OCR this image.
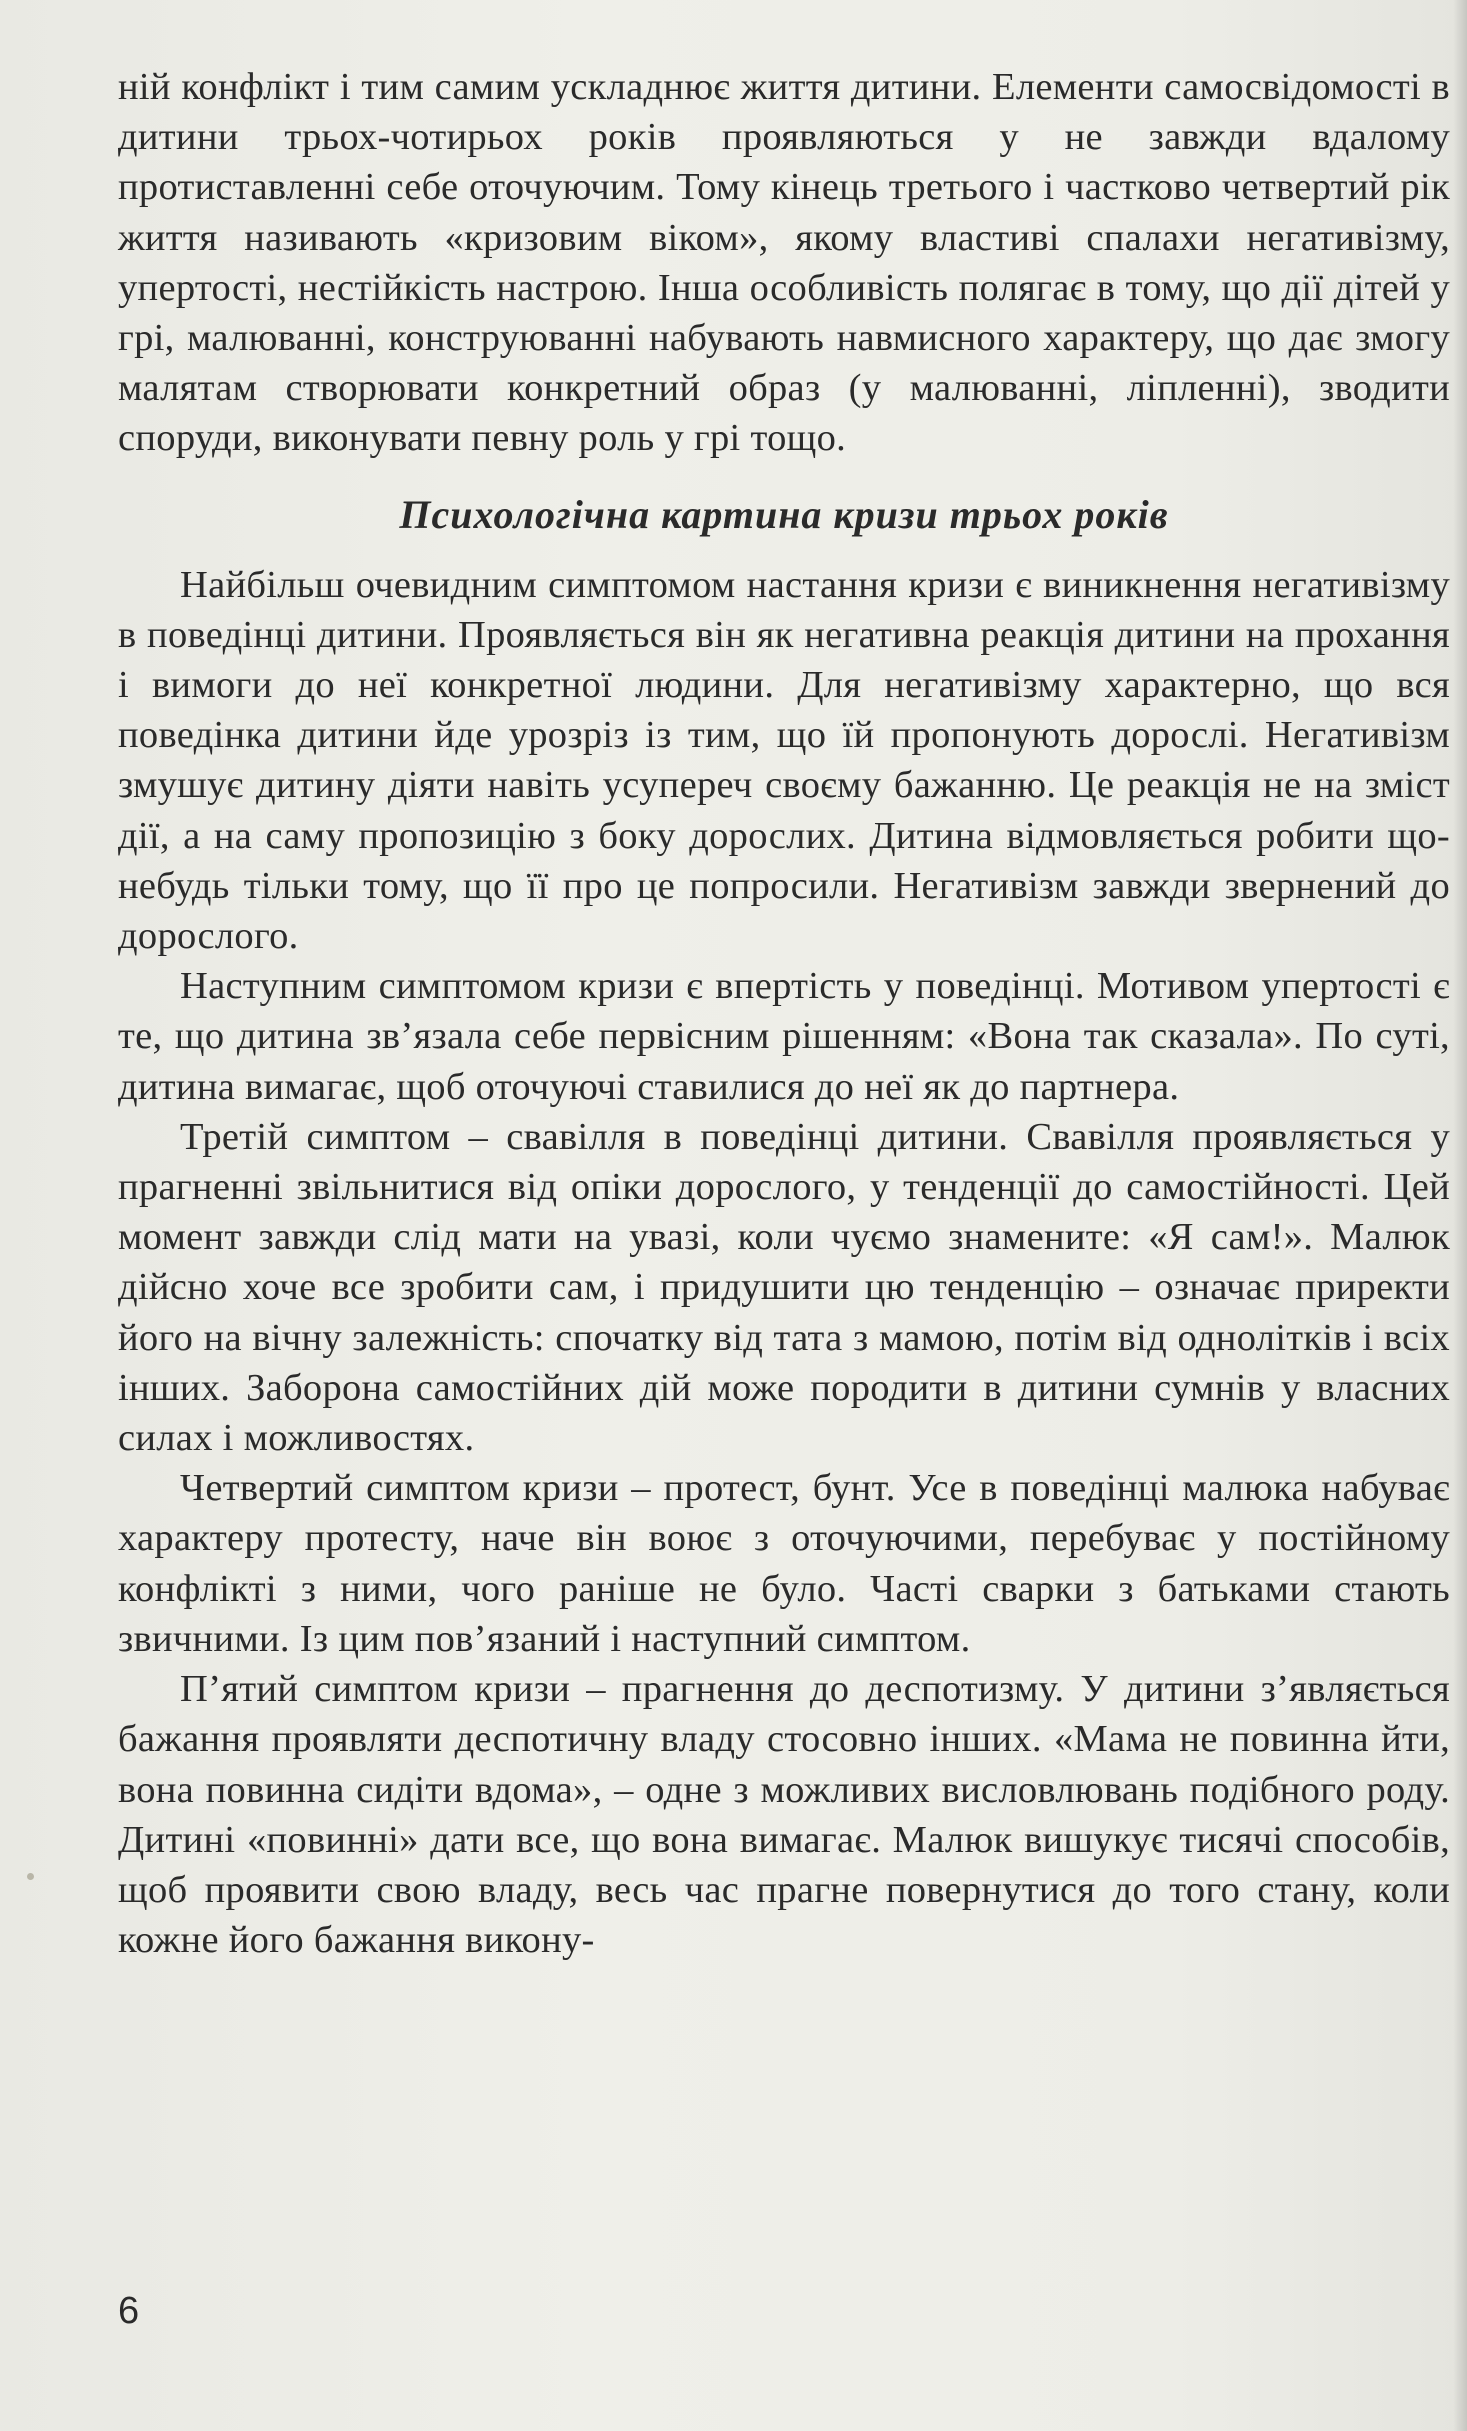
ній конфлікт і тим самим ускладнює життя дитини. Елементи самосвідомості в дитини трьох-чотирьох років проявляються у не завжди вдалому протиставленні себе оточуючим. Тому кінець третього і частково четвертий рік життя називають «кризовим віком», якому властиві спалахи негативізму, упертості, нестійкість настрою. Інша особливість полягає в тому, що дії дітей у грі, малюванні, конструюванні набувають навмисного характеру, що дає змогу малятам створювати конкретний образ (у малюванні, ліпленні), зводити споруди, виконувати певну роль у грі тощо.

Психологічна картина кризи трьох років

Найбільш очевидним симптомом настання кризи є виникнення негативізму в поведінці дитини. Проявляється він як негативна реакція дитини на прохання і вимоги до неї конкретної людини. Для негативізму характерно, що вся поведінка дитини йде урозріз із тим, що їй пропонують дорослі. Негативізм змушує дитину діяти навіть усупереч своєму бажанню. Це реакція не на зміст дії, а на саму пропозицію з боку дорослих. Дитина відмовляється робити що-небудь тільки тому, що її про це попросили. Негативізм завжди звернений до дорослого.

Наступним симптомом кризи є впертість у поведінці. Мотивом упертості є те, що дитина зв’язала себе первісним рішенням: «Вона так сказала». По суті, дитина вимагає, щоб оточуючі ставилися до неї як до партнера.

Третій симптом – свавілля в поведінці дитини. Свавілля проявляється у прагненні звільнитися від опіки дорослого, у тенденції до самостійності. Цей момент завжди слід мати на увазі, коли чуємо знамените: «Я сам!». Малюк дійсно хоче все зробити сам, і придушити цю тенденцію – означає приректи його на вічну залежність: спочатку від тата з мамою, потім від однолітків і всіх інших. Заборона самостійних дій може породити в дитини сумнів у власних силах і можливостях.

Четвертий симптом кризи – протест, бунт. Усе в поведінці малюка набуває характеру протесту, наче він воює з оточуючими, перебуває у постійному конфлікті з ними, чого раніше не було. Часті сварки з батьками стають звичними. Із цим пов’язаний і наступний симптом.

П’ятий симптом кризи – прагнення до деспотизму. У дитини з’являється бажання проявляти деспотичну владу стосовно інших. «Мама не повинна йти, вона повинна сидіти вдома», – одне з можливих висловлювань подібного роду. Дитині «повинні» дати все, що вона вимагає. Малюк вишукує тисячі способів, щоб проявити свою владу, весь час прагне повернутися до того стану, коли кожне його бажання викону-

6
